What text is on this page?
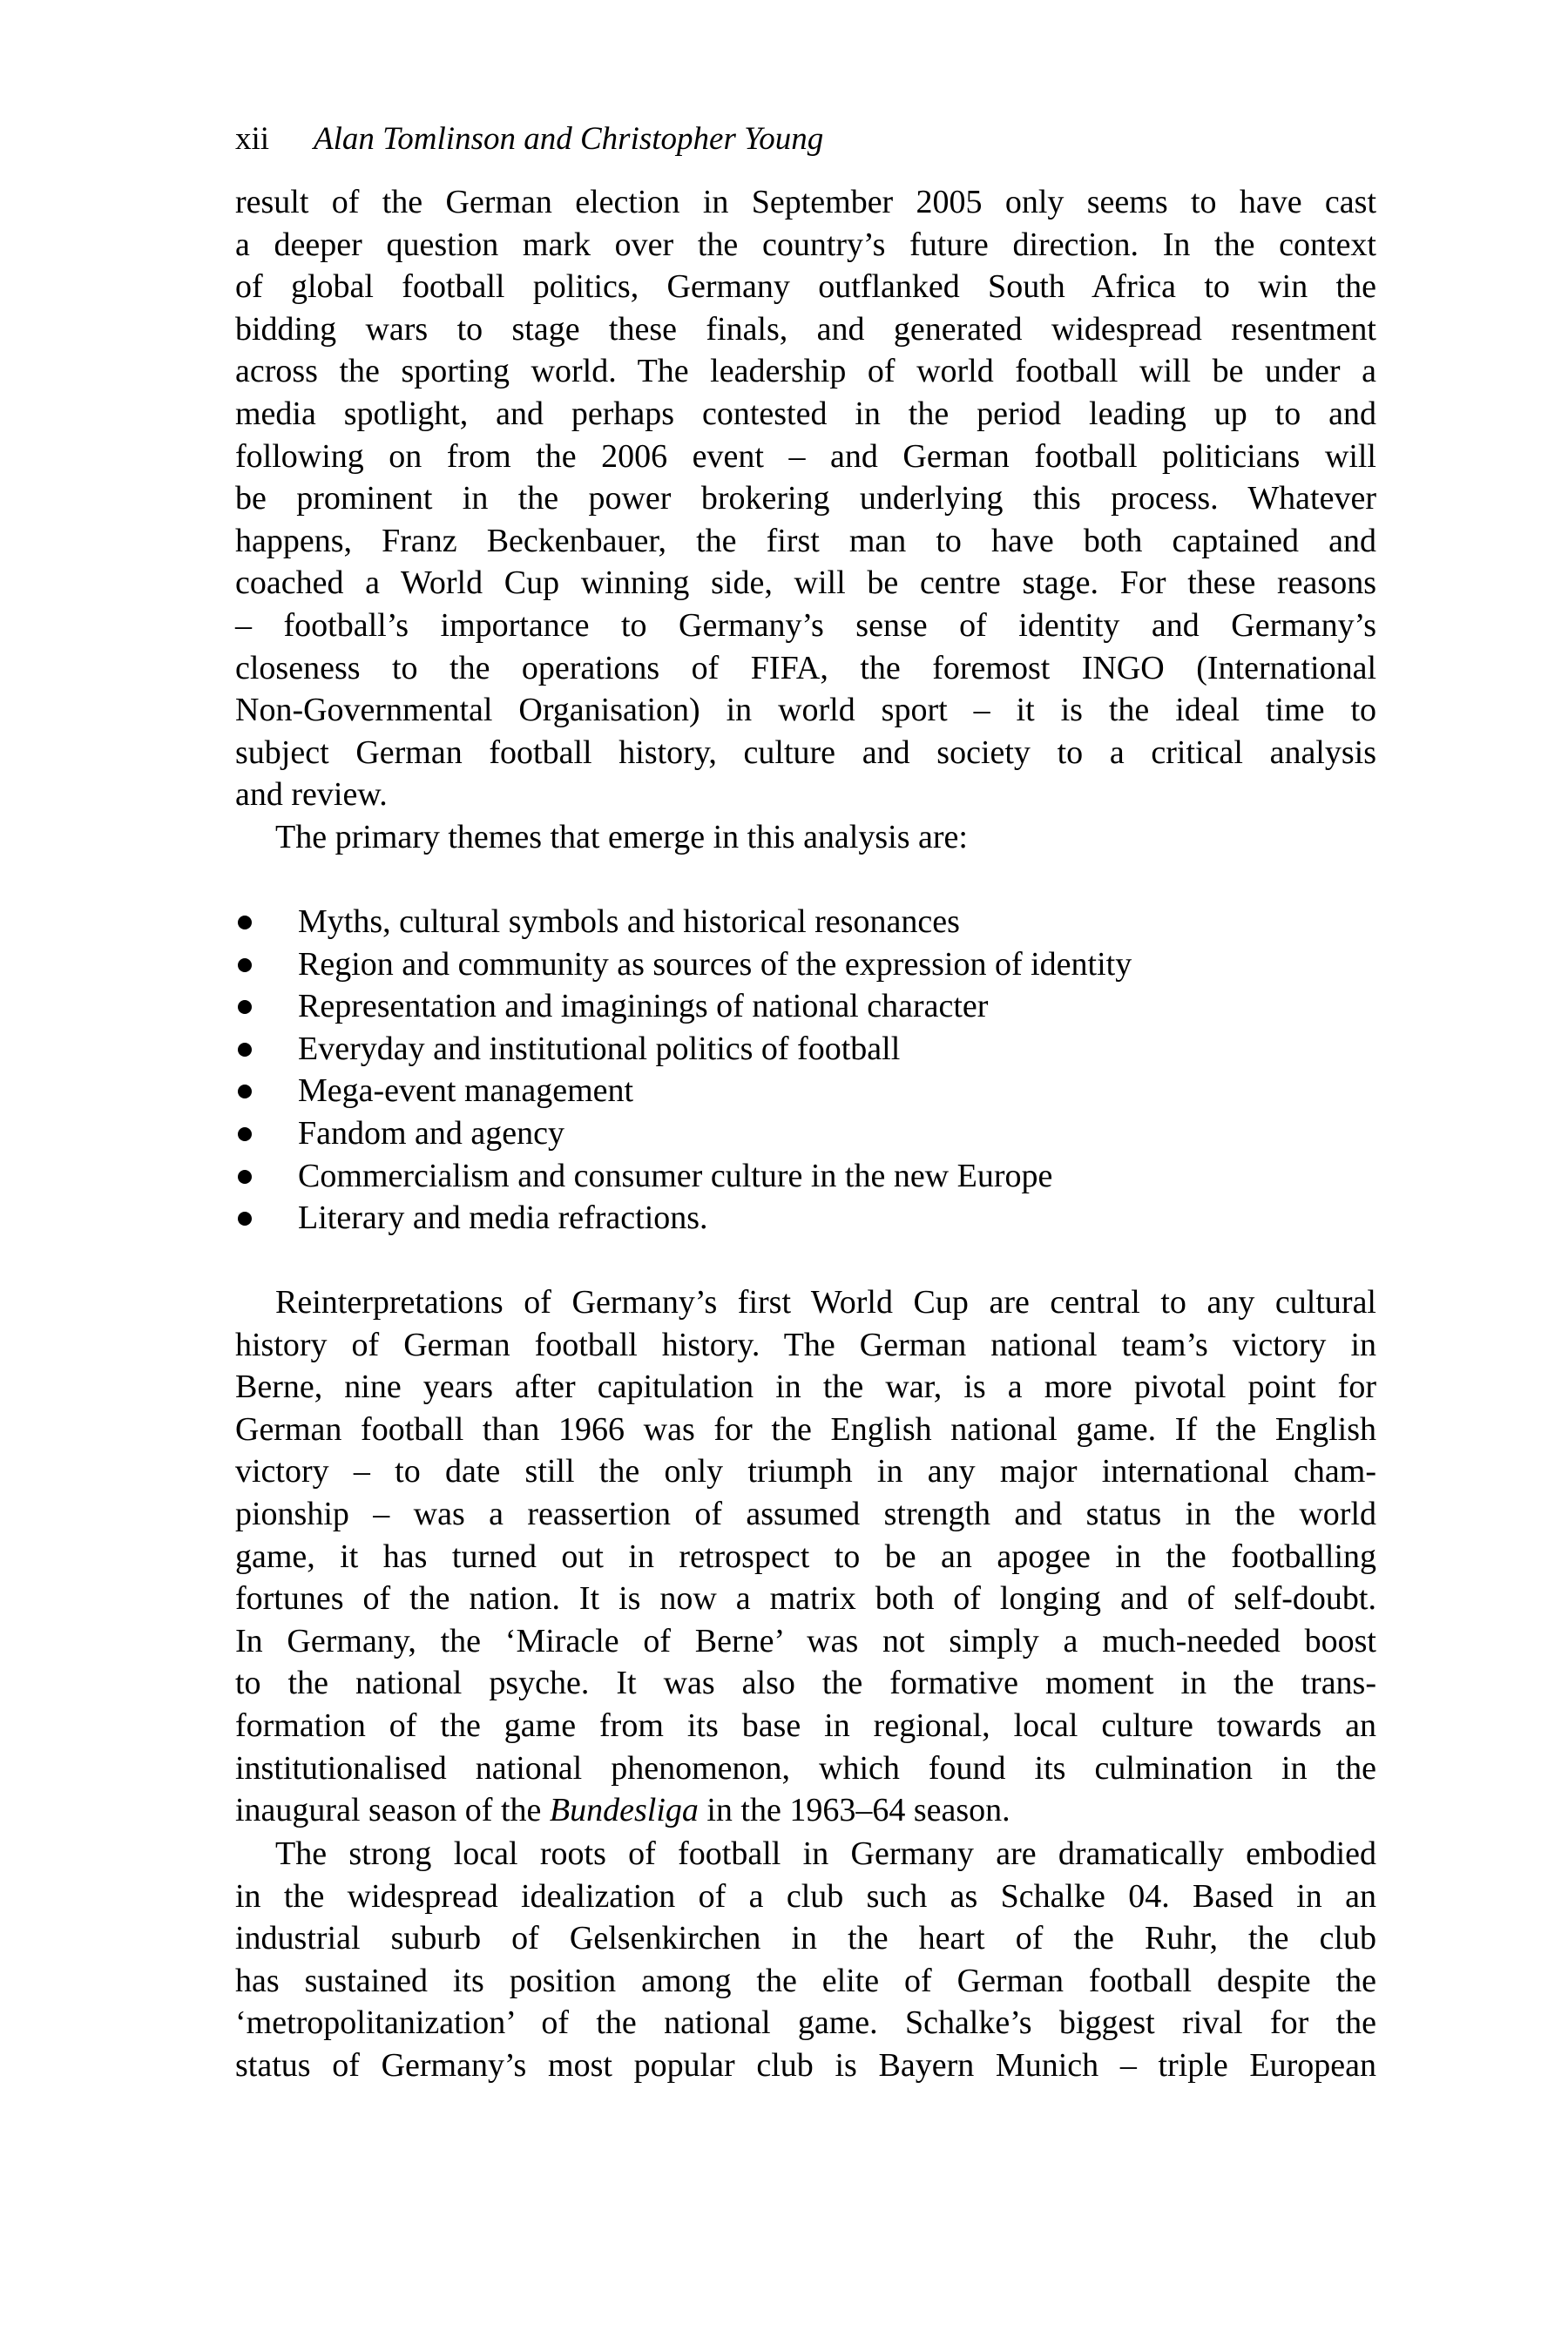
xii Alan Tomlinson and Christopher Young
result of the German election in September 2005 only seems to have cast
a deeper question mark over the country’s future direction. In the context
of global football politics, Germany outflanked South Africa to win the
bidding wars to stage these finals, and generated widespread resentment
across the sporting world. The leadership of world football will be under a
media spotlight, and perhaps contested in the period leading up to and
following on from the 2006 event – and German football politicians will
be prominent in the power brokering underlying this process. Whatever
happens, Franz Beckenbauer, the first man to have both captained and
coached a World Cup winning side, will be centre stage. For these reasons
– football’s importance to Germany’s sense of identity and Germany’s
closeness to the operations of FIFA, the foremost INGO (International
Non-Governmental Organisation) in world sport – it is the ideal time to
subject German football history, culture and society to a critical analysis
and review.
The primary themes that emerge in this analysis are:
Myths, cultural symbols and historical resonances
Region and community as sources of the expression of identity
Representation and imaginings of national character
Everyday and institutional politics of football
Mega-event management
Fandom and agency
Commercialism and consumer culture in the new Europe
Literary and media refractions.
Reinterpretations of Germany’s first World Cup are central to any cultural
history of German football history. The German national team’s victory in
Berne, nine years after capitulation in the war, is a more pivotal point for
German football than 1966 was for the English national game. If the English
victory – to date still the only triumph in any major international cham-
pionship – was a reassertion of assumed strength and status in the world
game, it has turned out in retrospect to be an apogee in the footballing
fortunes of the nation. It is now a matrix both of longing and of self-doubt.
In Germany, the ‘Miracle of Berne’ was not simply a much-needed boost
to the national psyche. It was also the formative moment in the trans-
formation of the game from its base in regional, local culture towards an
institutionalised national phenomenon, which found its culmination in the
inaugural season of the Bundesliga in the 1963–64 season.
The strong local roots of football in Germany are dramatically embodied
in the widespread idealization of a club such as Schalke 04. Based in an
industrial suburb of Gelsenkirchen in the heart of the Ruhr, the club
has sustained its position among the elite of German football despite the
‘metropolitanization’ of the national game. Schalke’s biggest rival for the
status of Germany’s most popular club is Bayern Munich – triple European
